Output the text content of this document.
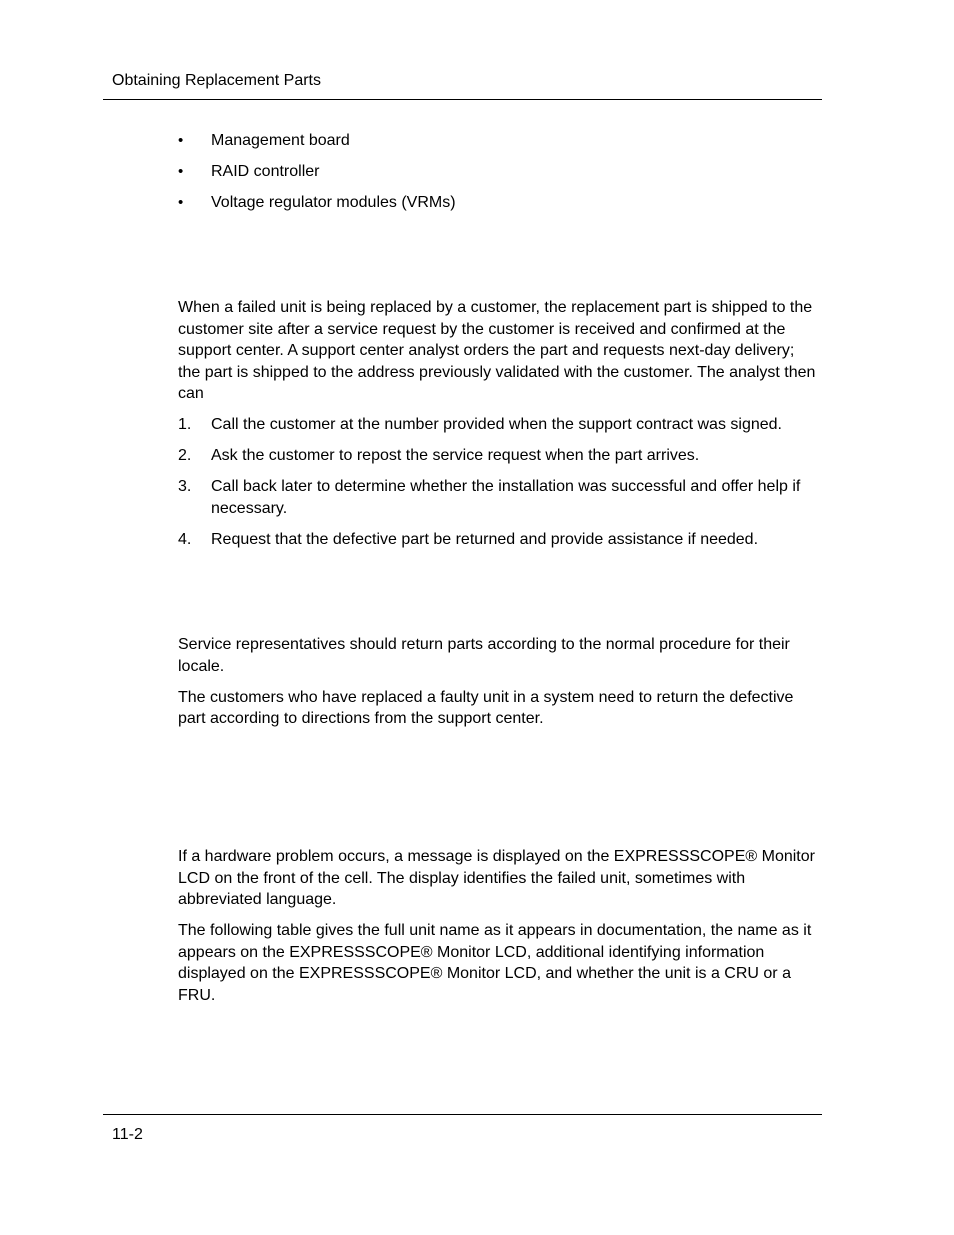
Obtaining Replacement Parts
• Management board
• RAID controller
• Voltage regulator modules (VRMs)

When a failed unit is being replaced by a customer, the replacement part is shipped to the customer site after a service request by the customer is received and confirmed at the support center. A support center analyst orders the part and requests next-day delivery; the part is shipped to the address previously validated with the customer. The analyst then can

1. Call the customer at the number provided when the support contract was signed.
2. Ask the customer to repost the service request when the part arrives.
3. Call back later to determine whether the installation was successful and offer help if necessary.
4. Request that the defective part be returned and provide assistance if needed.

Service representatives should return parts according to the normal procedure for their locale.

The customers who have replaced a faulty unit in a system need to return the defective part according to directions from the support center.

If a hardware problem occurs, a message is displayed on the EXPRESSSCOPE® Monitor LCD on the front of the cell. The display identifies the failed unit, sometimes with abbreviated language.

The following table gives the full unit name as it appears in documentation, the name as it appears on the EXPRESSSCOPE® Monitor LCD, additional identifying information displayed on the EXPRESSSCOPE® Monitor LCD, and whether the unit is a CRU or a FRU.

11-2
